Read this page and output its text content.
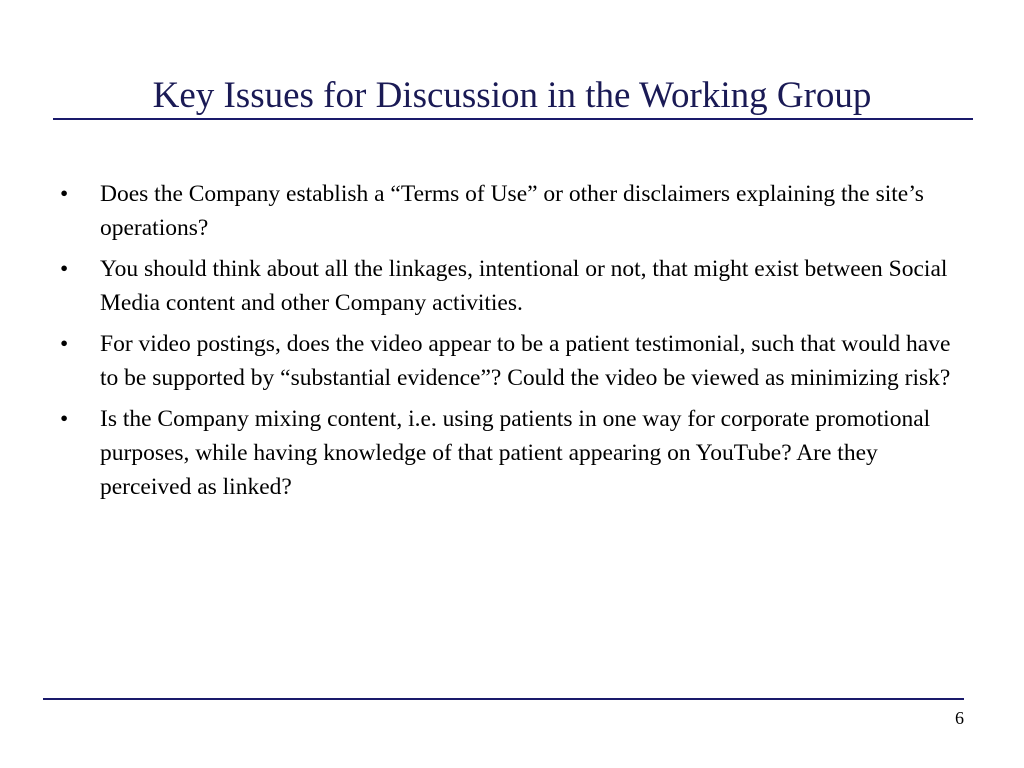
Key Issues for Discussion in the Working Group
•	Does the Company establish a “Terms of Use” or other disclaimers explaining the site’s operations?
•	You should think about all the linkages, intentional or not, that might exist between Social Media content and other Company activities.
•	For video postings, does the video appear to be a patient testimonial, such that would have to be supported by “substantial evidence”? Could the video be viewed as minimizing risk?
•	Is the Company mixing content, i.e. using patients in one way for corporate promotional purposes, while having knowledge of that patient appearing on YouTube? Are they perceived as linked?
6
